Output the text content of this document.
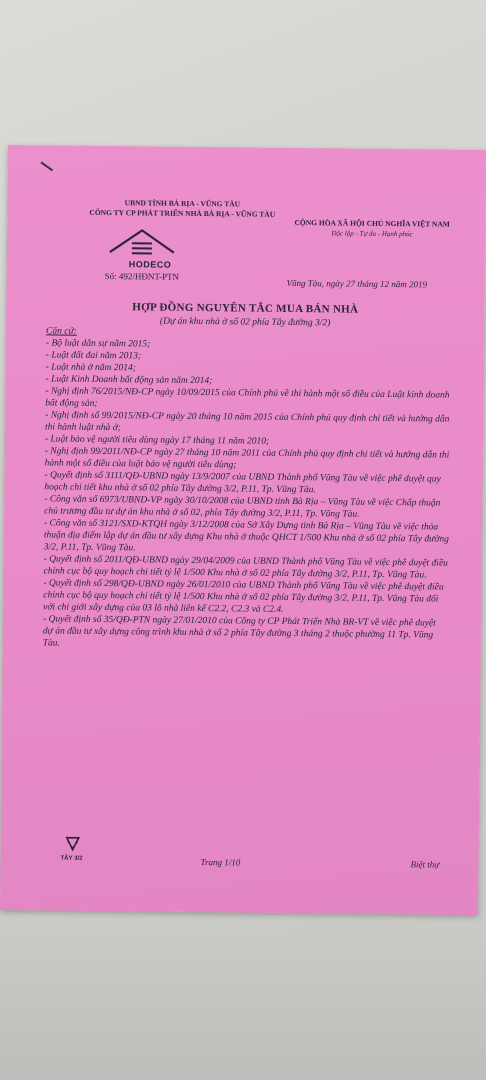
UBND TỈNH BÀ RỊA - VŨNG TÀU
CÔNG TY CP PHÁT TRIỂN NHÀ BÀ RỊA - VŨNG TÀU
HODECO
Số: 492/HĐNT-PTN
CỘNG HÒA XÃ HỘI CHỦ NGHĨA VIỆT NAM
Độc lập - Tự do - Hạnh phúc
Vũng Tàu, ngày 27 tháng 12 năm 2019
HỢP ĐỒNG NGUYÊN TẮC MUA BÁN NHÀ
(Dự án khu nhà ở số 02 phía Tây đường 3/2)

Căn cứ:

- Bộ luật dân sự năm 2015;

- Luật đất đai năm 2013;

- Luật nhà ở năm 2014;

- Luật Kinh Doanh bất động sản năm 2014;

- Nghị định 76/2015/NĐ-CP ngày 10/09/2015 của Chính phủ về thi hành một số điều của Luật kinh doanh bất động sản;

- Nghị định số 99/2015/NĐ-CP ngày 20 tháng 10 năm 2015 của Chính phủ quy định chi tiết và hướng dẫn thi hành luật nhà ở;

- Luật bảo vệ người tiêu dùng ngày 17 tháng 11 năm 2010;

- Nghị định 99/2011/NĐ-CP ngày 27 tháng 10 năm 2011 của Chính phủ quy định chi tiết và hướng dẫn thi hành một số điều của luật bảo vệ người tiêu dùng;

- Quyết định số 3111/QĐ-UBND ngày 13/9/2007 của UBND Thành phố Vũng Tàu về việc phê duyệt quy hoạch chi tiết khu nhà ở số 02 phía Tây đường 3/2, P.11, Tp. Vũng Tàu.

- Công văn số 6973/UBND-VP ngày 30/10/2008 của UBND tỉnh Bà Rịa – Vũng Tàu về việc Chấp thuận chủ trương đầu tư dự án khu nhà ở số 02, phía Tây đường 3/2, P.11, Tp. Vũng Tàu.

- Công văn số 3121/SXD-KTQH ngày 3/12/2008 của Sở Xây Dựng tỉnh Bà Rịa – Vũng Tàu về việc thỏa thuận địa điểm lập dự án đầu tư xây dựng Khu nhà ở thuộc QHCT 1/500 Khu nhà ở số 02 phía Tây đường 3/2, P.11, Tp. Vũng Tàu.

- Quyết định số 2011/QĐ-UBND ngày 29/04/2009 của UBND Thành phố Vũng Tàu về việc phê duyệt điều chỉnh cục bộ quy hoạch chi tiết tỷ lệ 1/500 Khu nhà ở số 02 phía Tây đường 3/2, P.11, Tp. Vũng Tàu.

- Quyết định số 298/QĐ-UBND ngày 26/01/2010 của UBND Thành phố Vũng Tàu về việc phê duyệt điều chỉnh cục bộ quy hoạch chi tiết tỷ lệ 1/500 Khu nhà ở số 02 phía Tây đường 3/2, P.11, Tp. Vũng Tàu đối với chỉ giới xây dựng của 03 lô nhà liên kế C2.2, C2.3 và C2.4.

- Quyết định số 35/QĐ-PTN ngày 27/01/2010 của Công ty CP Phát Triển Nhà BR-VT về việc phê duyệt dự án đầu tư xây dựng công trình khu nhà ở số 2 phía Tây đường 3 tháng 2 thuộc phường 11 Tp. Vũng Tàu.

TÂY 3/2	Trang 1/10	Biệt thự
